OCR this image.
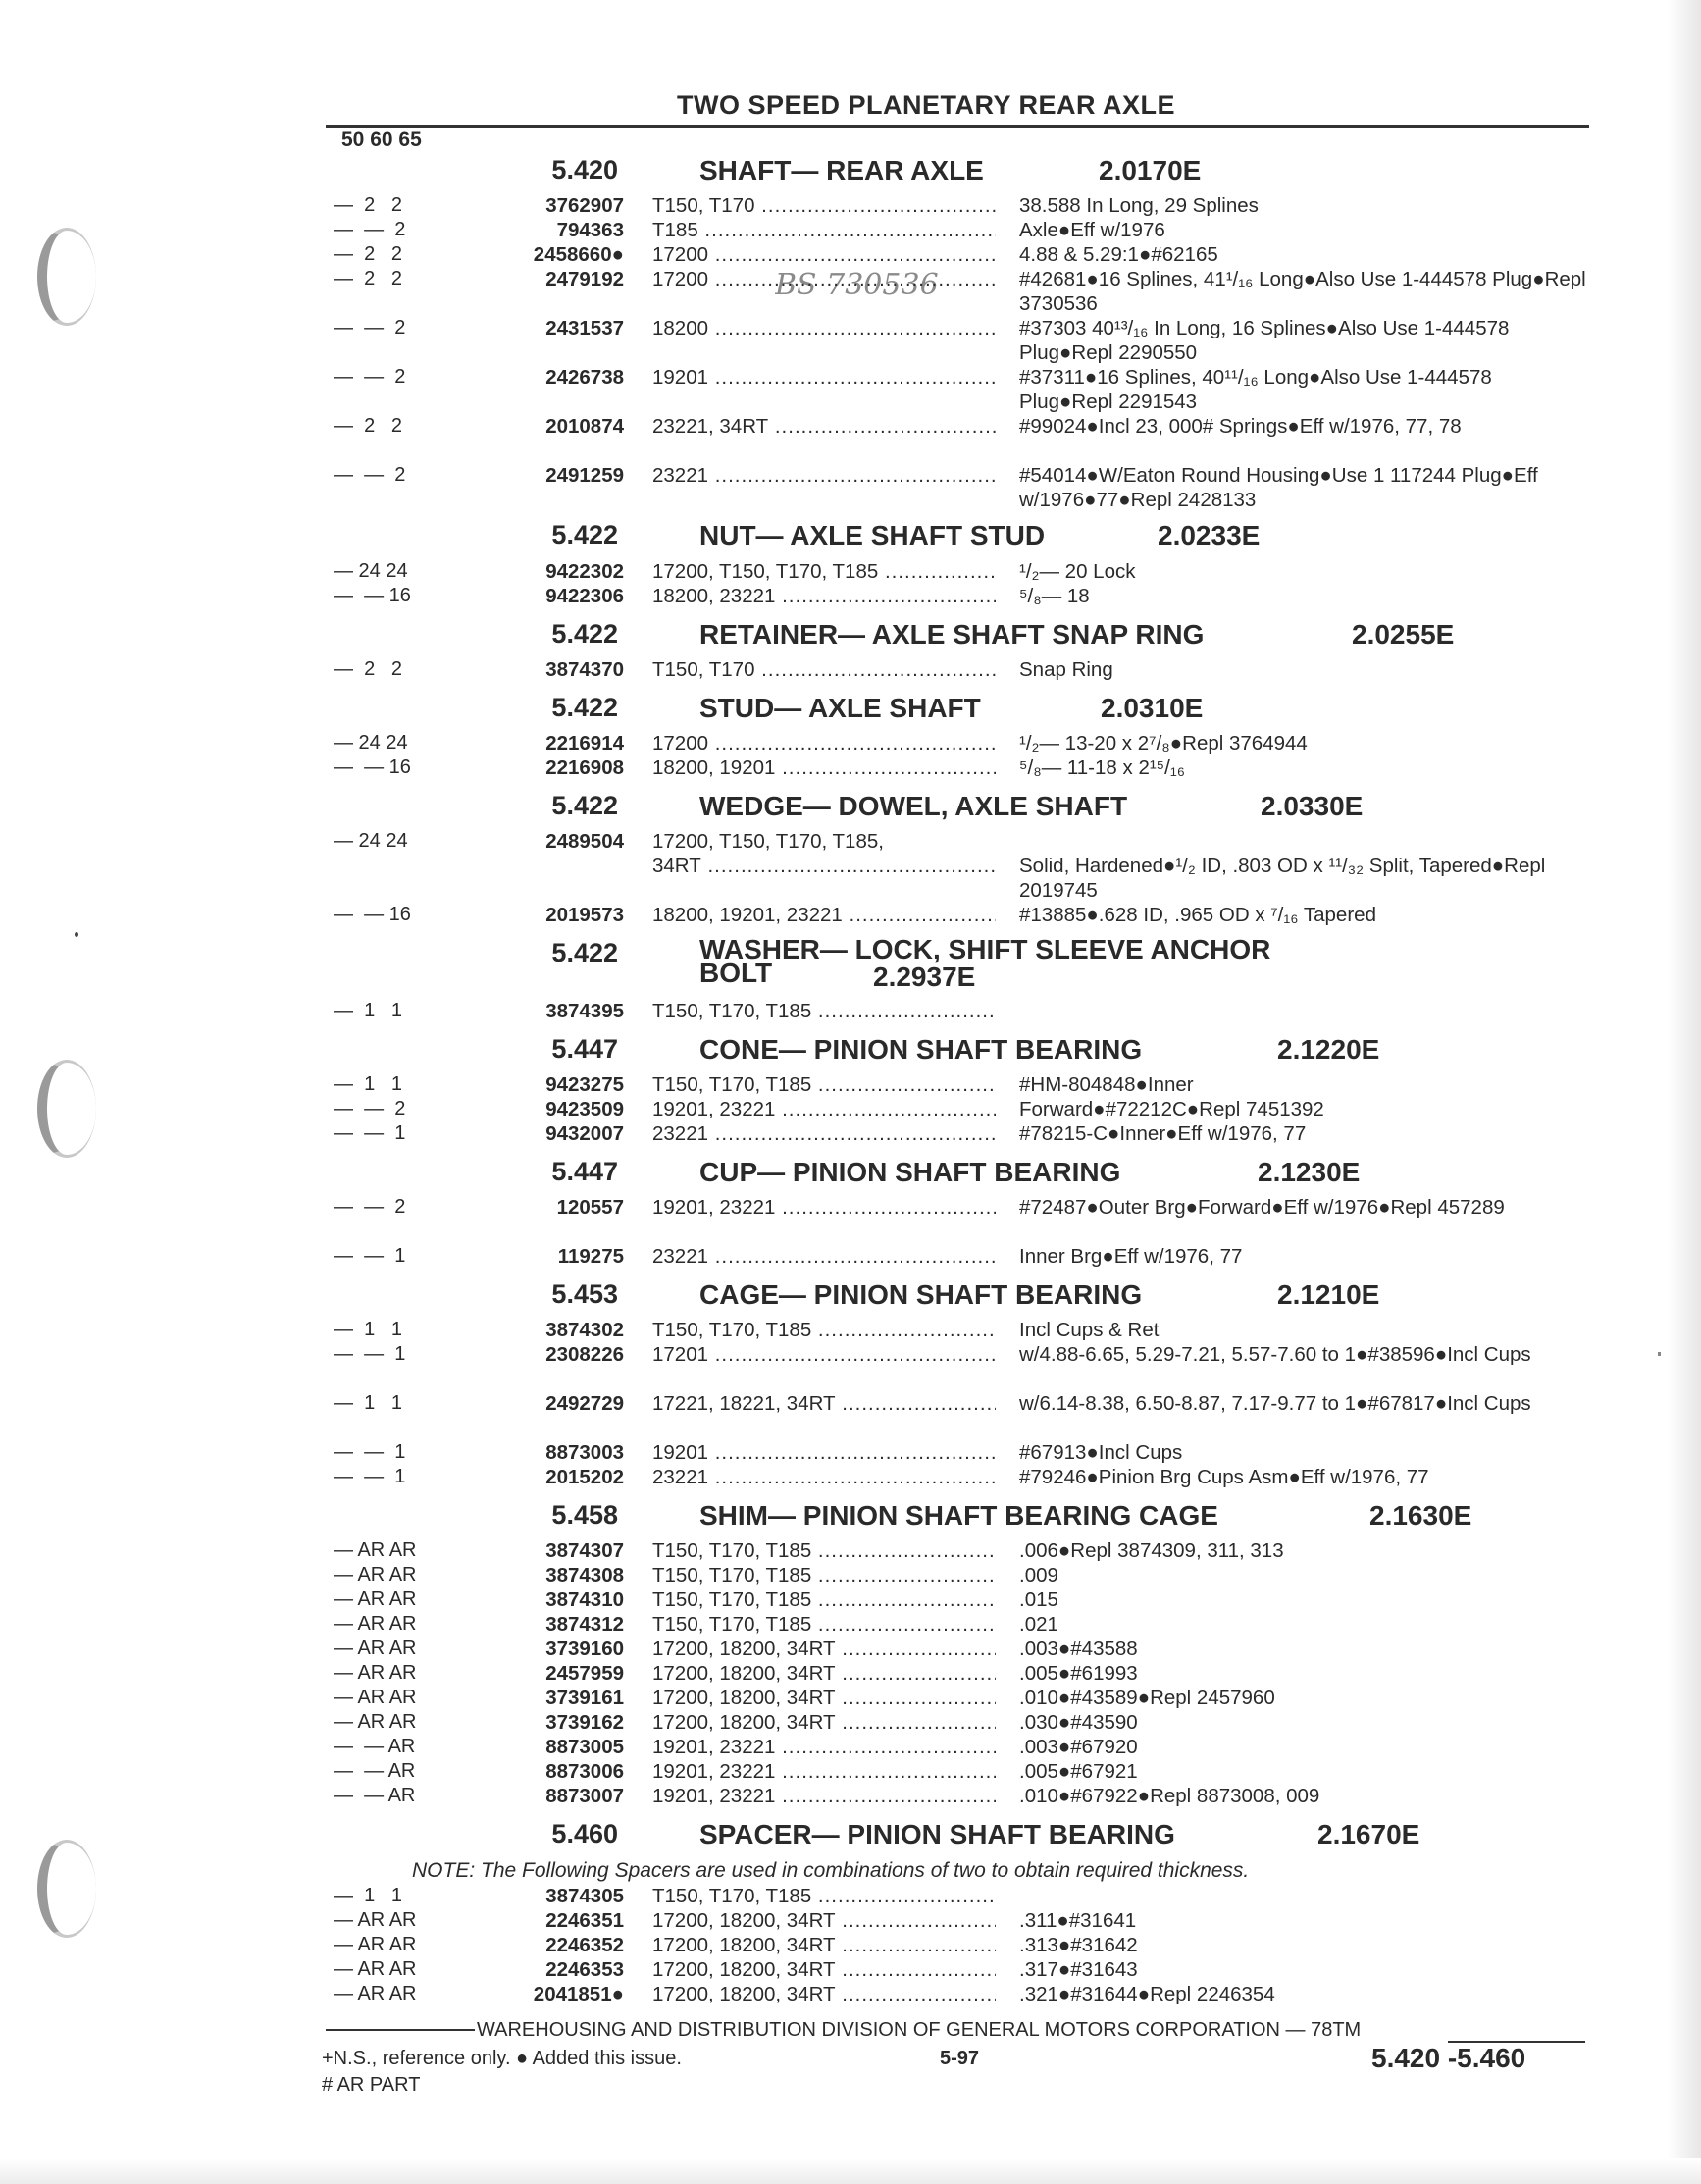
TWO SPEED PLANETARY REAR AXLE
50 60 65
BS 730536
5.420	SHAFT— REAR AXLE	2.0170E
—  2   2	3762907 T150, T170 .....	38.588 In Long, 29 Splines
—  —  2	794363 T185 .....	Axle●Eff w/1976
—  2   2	2458660● 17200 .....	4.88 & 5.29:1●#62165
—  2   2	2479192 17200 .....	#42681●16 Splines, 41¹/₁₆ Long●Also Use 1-444578 Plug●Repl 3730536
—  —  2	2431537 18200 .....	#37303 40¹³/₁₆ In Long, 16 Splines●Also Use 1-444578 Plug●Repl 2290550
—  —  2	2426738 19201 .....	#37311●16 Splines, 40¹¹/₁₆ Long●Also Use 1-444578 Plug●Repl 2291543
—  2   2	2010874 23221, 34RT .....	#99024●Incl 23, 000# Springs●Eff w/1976, 77, 78
—  —  2	2491259 23221 .....	#54014●W/Eaton Round Housing●Use 1 117244 Plug●Eff w/1976●77●Repl 2428133
5.422	NUT— AXLE SHAFT STUD	2.0233E
— 24 24	9422302 17200, T150, T170, T185 .....	¹/₂— 20 Lock
—  — 16	9422306 18200, 23221 .....	⁵/₈— 18
5.422	RETAINER— AXLE SHAFT SNAP RING	2.0255E
—  2   2	3874370 T150, T170 .....	Snap Ring
5.422	STUD— AXLE SHAFT	2.0310E
— 24 24	2216914 17200 .....	¹/₂— 13-20 x 2⁷/₈●Repl 3764944
—  — 16	2216908 18200, 19201 .....	⁵/₈— 11-18 x 2¹⁵/₁₆
5.422	WEDGE— DOWEL, AXLE SHAFT	2.0330E
— 24 24	2489504 17200, T150, T170, T185,
34RT .....	Solid, Hardened●¹/₂ ID, .803 OD x ¹¹/₃₂ Split, Tapered●Repl 2019745
—  — 16	2019573 18200, 19201, 23221 .....	#13885●.628 ID, .965 OD x ⁷/₁₆ Tapered
5.422	WASHER— LOCK, SHIFT SLEEVE ANCHOR
BOLT	2.2937E
—  1   1	3874395 T150, T170, T185 .....
5.447	CONE— PINION SHAFT BEARING	2.1220E
—  1   1	9423275 T150, T170, T185 .....	#HM-804848●Inner
—  —  2	9423509 19201, 23221 .....	Forward●#72212C●Repl 7451392
—  —  1	9432007 23221 .....	#78215-C●Inner●Eff w/1976, 77
5.447	CUP— PINION SHAFT BEARING	2.1230E
—  —  2	120557 19201, 23221 .....	#72487●Outer Brg●Forward●Eff w/1976●Repl 457289
—  —  1	119275 23221 .....	Inner Brg●Eff w/1976, 77
5.453	CAGE— PINION SHAFT BEARING	2.1210E
—  1   1	3874302 T150, T170, T185 .....	Incl Cups & Ret
—  —  1	2308226 17201 .....	w/4.88-6.65, 5.29-7.21, 5.57-7.60 to 1●#38596●Incl Cups
—  1   1	2492729 17221, 18221, 34RT .....	w/6.14-8.38, 6.50-8.87, 7.17-9.77 to 1●#67817●Incl Cups
—  —  1	8873003 19201 .....	#67913●Incl Cups
—  —  1	2015202 23221 .....	#79246●Pinion Brg Cups Asm●Eff w/1976, 77
5.458	SHIM— PINION SHAFT BEARING CAGE	2.1630E
— AR AR	3874307 T150, T170, T185 .....	.006●Repl 3874309, 311, 313
— AR AR	3874308 T150, T170, T185 .....	.009
— AR AR	3874310 T150, T170, T185 .....	.015
— AR AR	3874312 T150, T170, T185 .....	.021
— AR AR	3739160 17200, 18200, 34RT .....	.003●#43588
— AR AR	2457959 17200, 18200, 34RT .....	.005●#61993
— AR AR	3739161 17200, 18200, 34RT .....	.010●#43589●Repl 2457960
— AR AR	3739162 17200, 18200, 34RT .....	.030●#43590
—  — AR	8873005 19201, 23221 .....	.003●#67920
—  — AR	8873006 19201, 23221 .....	.005●#67921
—  — AR	8873007 19201, 23221 .....	.010●#67922●Repl 8873008, 009
5.460	SPACER— PINION SHAFT BEARING	2.1670E
—  1   1	3874305 T150, T170, T185 .....
— AR AR	2246351 17200, 18200, 34RT .....	.311●#31641
— AR AR	2246352 17200, 18200, 34RT .....	.313●#31642
— AR AR	2246353 17200, 18200, 34RT .....	.317●#31643
— AR AR	2041851● 17200, 18200, 34RT .....	.321●#31644●Repl 2246354
NOTE: The Following Spacers are used in combinations of two to obtain required thickness.
WAREHOUSING AND DISTRIBUTION DIVISION OF GENERAL MOTORS CORPORATION — 78TM
+N.S., reference only. ● Added this issue.	5-97	5.420 -5.460
# AR PART
